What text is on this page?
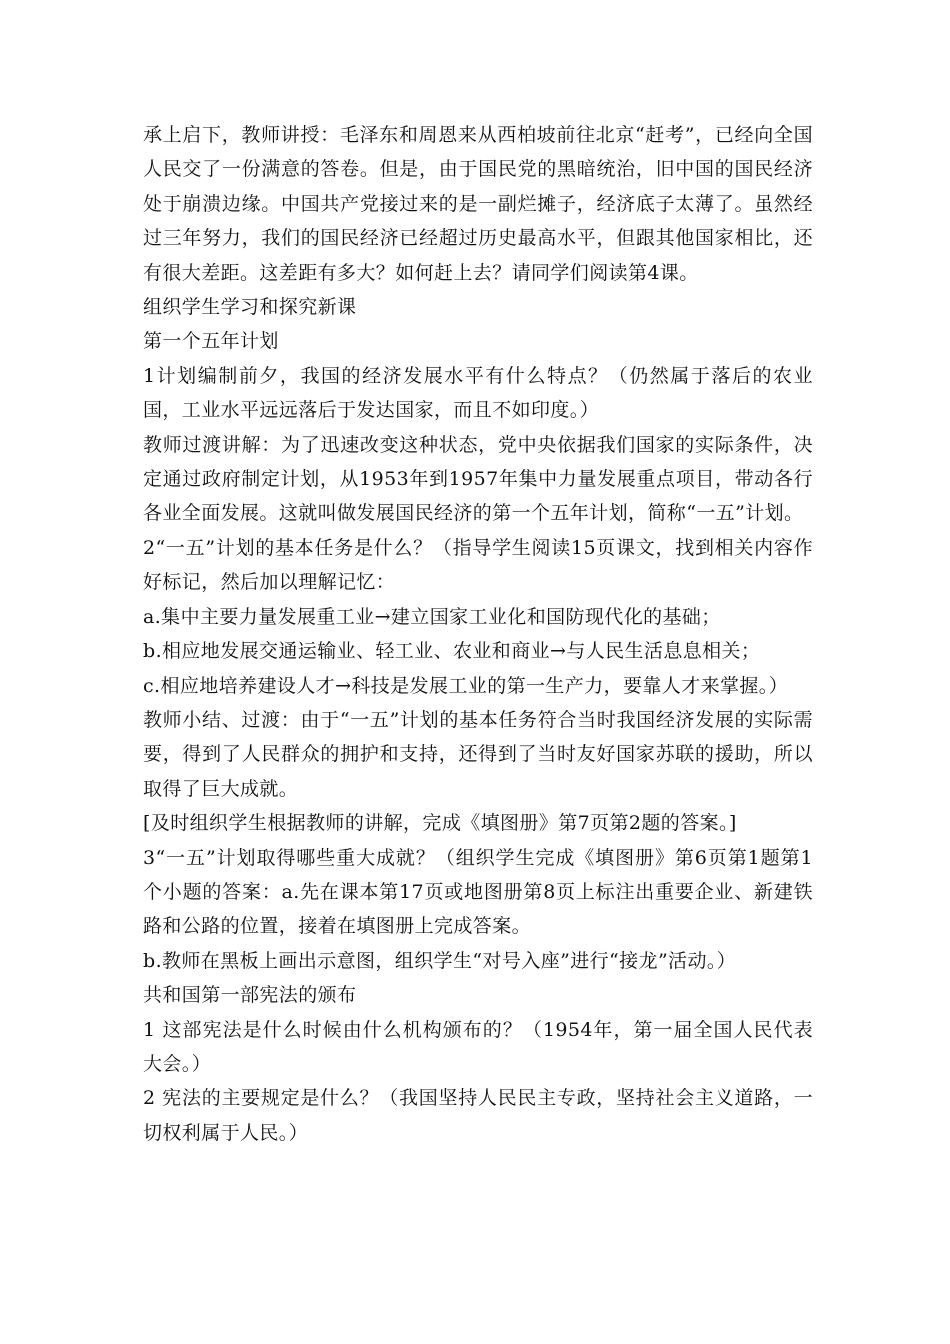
承上启下，教师讲授：毛泽东和周恩来从西柏坡前往北京“赶考”，已经向全国人民交了一份满意的答卷。但是，由于国民党的黑暗统治，旧中国的国民经济处于崩溃边缘。中国共产党接过来的是一副烂摊子，经济底子太薄了。虽然经过三年努力，我们的国民经济已经超过历史最高水平，但跟其他国家相比，还有很大差距。这差距有多大？如何赶上去？请同学们阅读第4课。

组织学生学习和探究新课

第一个五年计划

1计划编制前夕，我国的经济发展水平有什么特点？（仍然属于落后的农业国，工业水平远远落后于发达国家，而且不如印度。）

教师过渡讲解：为了迅速改变这种状态，党中央依据我们国家的实际条件，决定通过政府制定计划，从1953年到1957年集中力量发展重点项目，带动各行各业全面发展。这就叫做发展国民经济的第一个五年计划，简称“一五”计划。

2“一五”计划的基本任务是什么？（指导学生阅读15页课文，找到相关内容作好标记，然后加以理解记忆：

a.集中主要力量发展重工业→建立国家工业化和国防现代化的基础；

b.相应地发展交通运输业、轻工业、农业和商业→与人民生活息息相关；

c.相应地培养建设人才→科技是发展工业的第一生产力，要靠人才来掌握。）

教师小结、过渡：由于“一五”计划的基本任务符合当时我国经济发展的实际需要，得到了人民群众的拥护和支持，还得到了当时友好国家苏联的援助，所以取得了巨大成就。

[及时组织学生根据教师的讲解，完成《填图册》第7页第2题的答案。]

3“一五”计划取得哪些重大成就？（组织学生完成《填图册》第6页第1题第1个小题的答案：a.先在课本第17页或地图册第8页上标注出重要企业、新建铁路和公路的位置，接着在填图册上完成答案。

b.教师在黑板上画出示意图，组织学生“对号入座”进行“接龙”活动。）

共和国第一部宪法的颁布

1 这部宪法是什么时候由什么机构颁布的？（1954年，第一届全国人民代表大会。）

2 宪法的主要规定是什么？（我国坚持人民民主专政，坚持社会主义道路，一切权利属于人民。）
